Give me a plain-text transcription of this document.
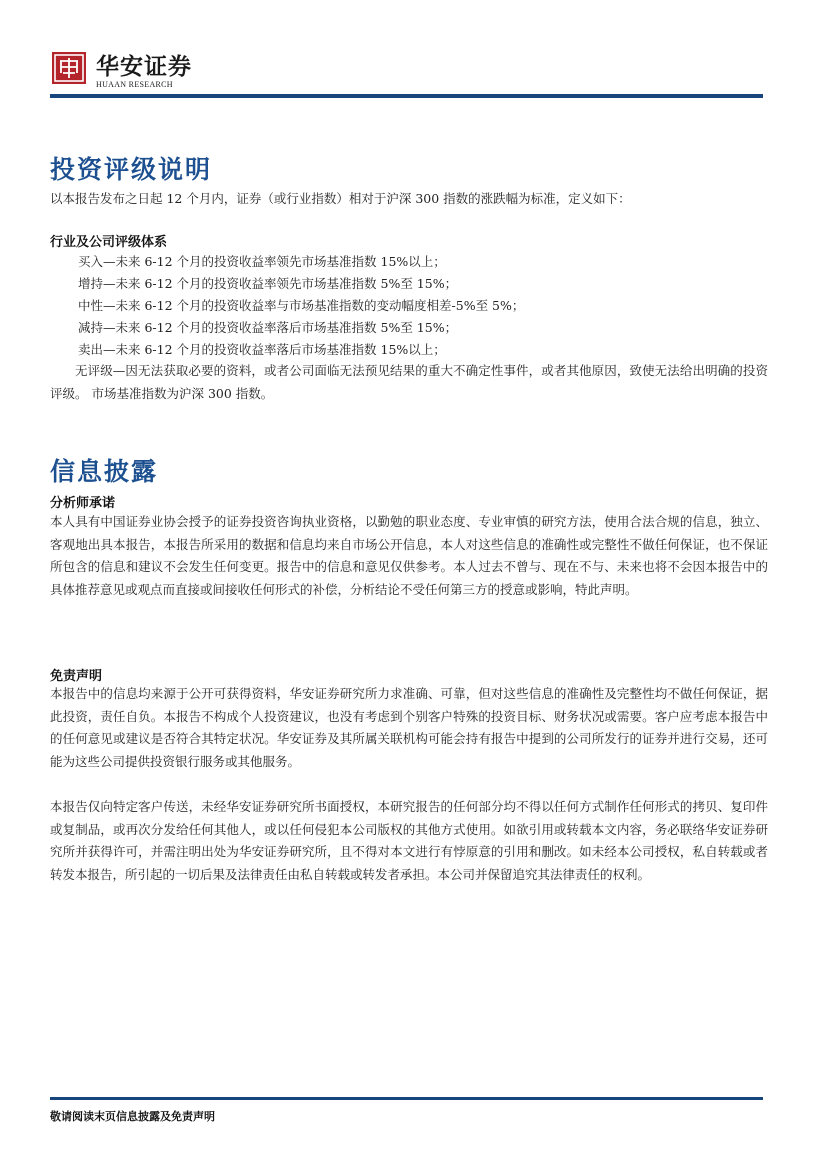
华安证券
HUAAN RESEARCH
投资评级说明
以本报告发布之日起 12 个月内，证券（或行业指数）相对于沪深 300 指数的涨跌幅为标准，定义如下：
行业及公司评级体系
买入—未来 6-12 个月的投资收益率领先市场基准指数 15%以上；
增持—未来 6-12 个月的投资收益率领先市场基准指数 5%至 15%；
中性—未来 6-12 个月的投资收益率与市场基准指数的变动幅度相差-5%至 5%；
减持—未来 6-12 个月的投资收益率落后市场基准指数 5%至 15%；
卖出—未来 6-12 个月的投资收益率落后市场基准指数 15%以上；
无评级—因无法获取必要的资料，或者公司面临无法预见结果的重大不确定性事件，或者其他原因，致使无法给出明确的投资评级。 市场基准指数为沪深 300 指数。
信息披露
分析师承诺
本人具有中国证券业协会授予的证券投资咨询执业资格，以勤勉的职业态度、专业审慎的研究方法，使用合法合规的信息，独立、客观地出具本报告，本报告所采用的数据和信息均来自市场公开信息，本人对这些信息的准确性或完整性不做任何保证，也不保证所包含的信息和建议不会发生任何变更。报告中的信息和意见仅供参考。本人过去不曾与、现在不与、未来也将不会因本报告中的具体推荐意见或观点而直接或间接收任何形式的补偿，分析结论不受任何第三方的授意或影响，特此声明。
免责声明
本报告中的信息均来源于公开可获得资料，华安证券研究所力求准确、可靠，但对这些信息的准确性及完整性均不做任何保证，据此投资，责任自负。本报告不构成个人投资建议，也没有考虑到个别客户特殊的投资目标、财务状况或需要。客户应考虑本报告中的任何意见或建议是否符合其特定状况。华安证券及其所属关联机构可能会持有报告中提到的公司所发行的证券并进行交易，还可能为这些公司提供投资银行服务或其他服务。
本报告仅向特定客户传送，未经华安证券研究所书面授权，本研究报告的任何部分均不得以任何方式制作任何形式的拷贝、复印件或复制品，或再次分发给任何其他人，或以任何侵犯本公司版权的其他方式使用。如欲引用或转载本文内容，务必联络华安证券研究所并获得许可，并需注明出处为华安证券研究所，且不得对本文进行有悖原意的引用和删改。如未经本公司授权，私自转载或者转发本报告，所引起的一切后果及法律责任由私自转载或转发者承担。本公司并保留追究其法律责任的权利。
敬请阅读末页信息披露及免责声明
